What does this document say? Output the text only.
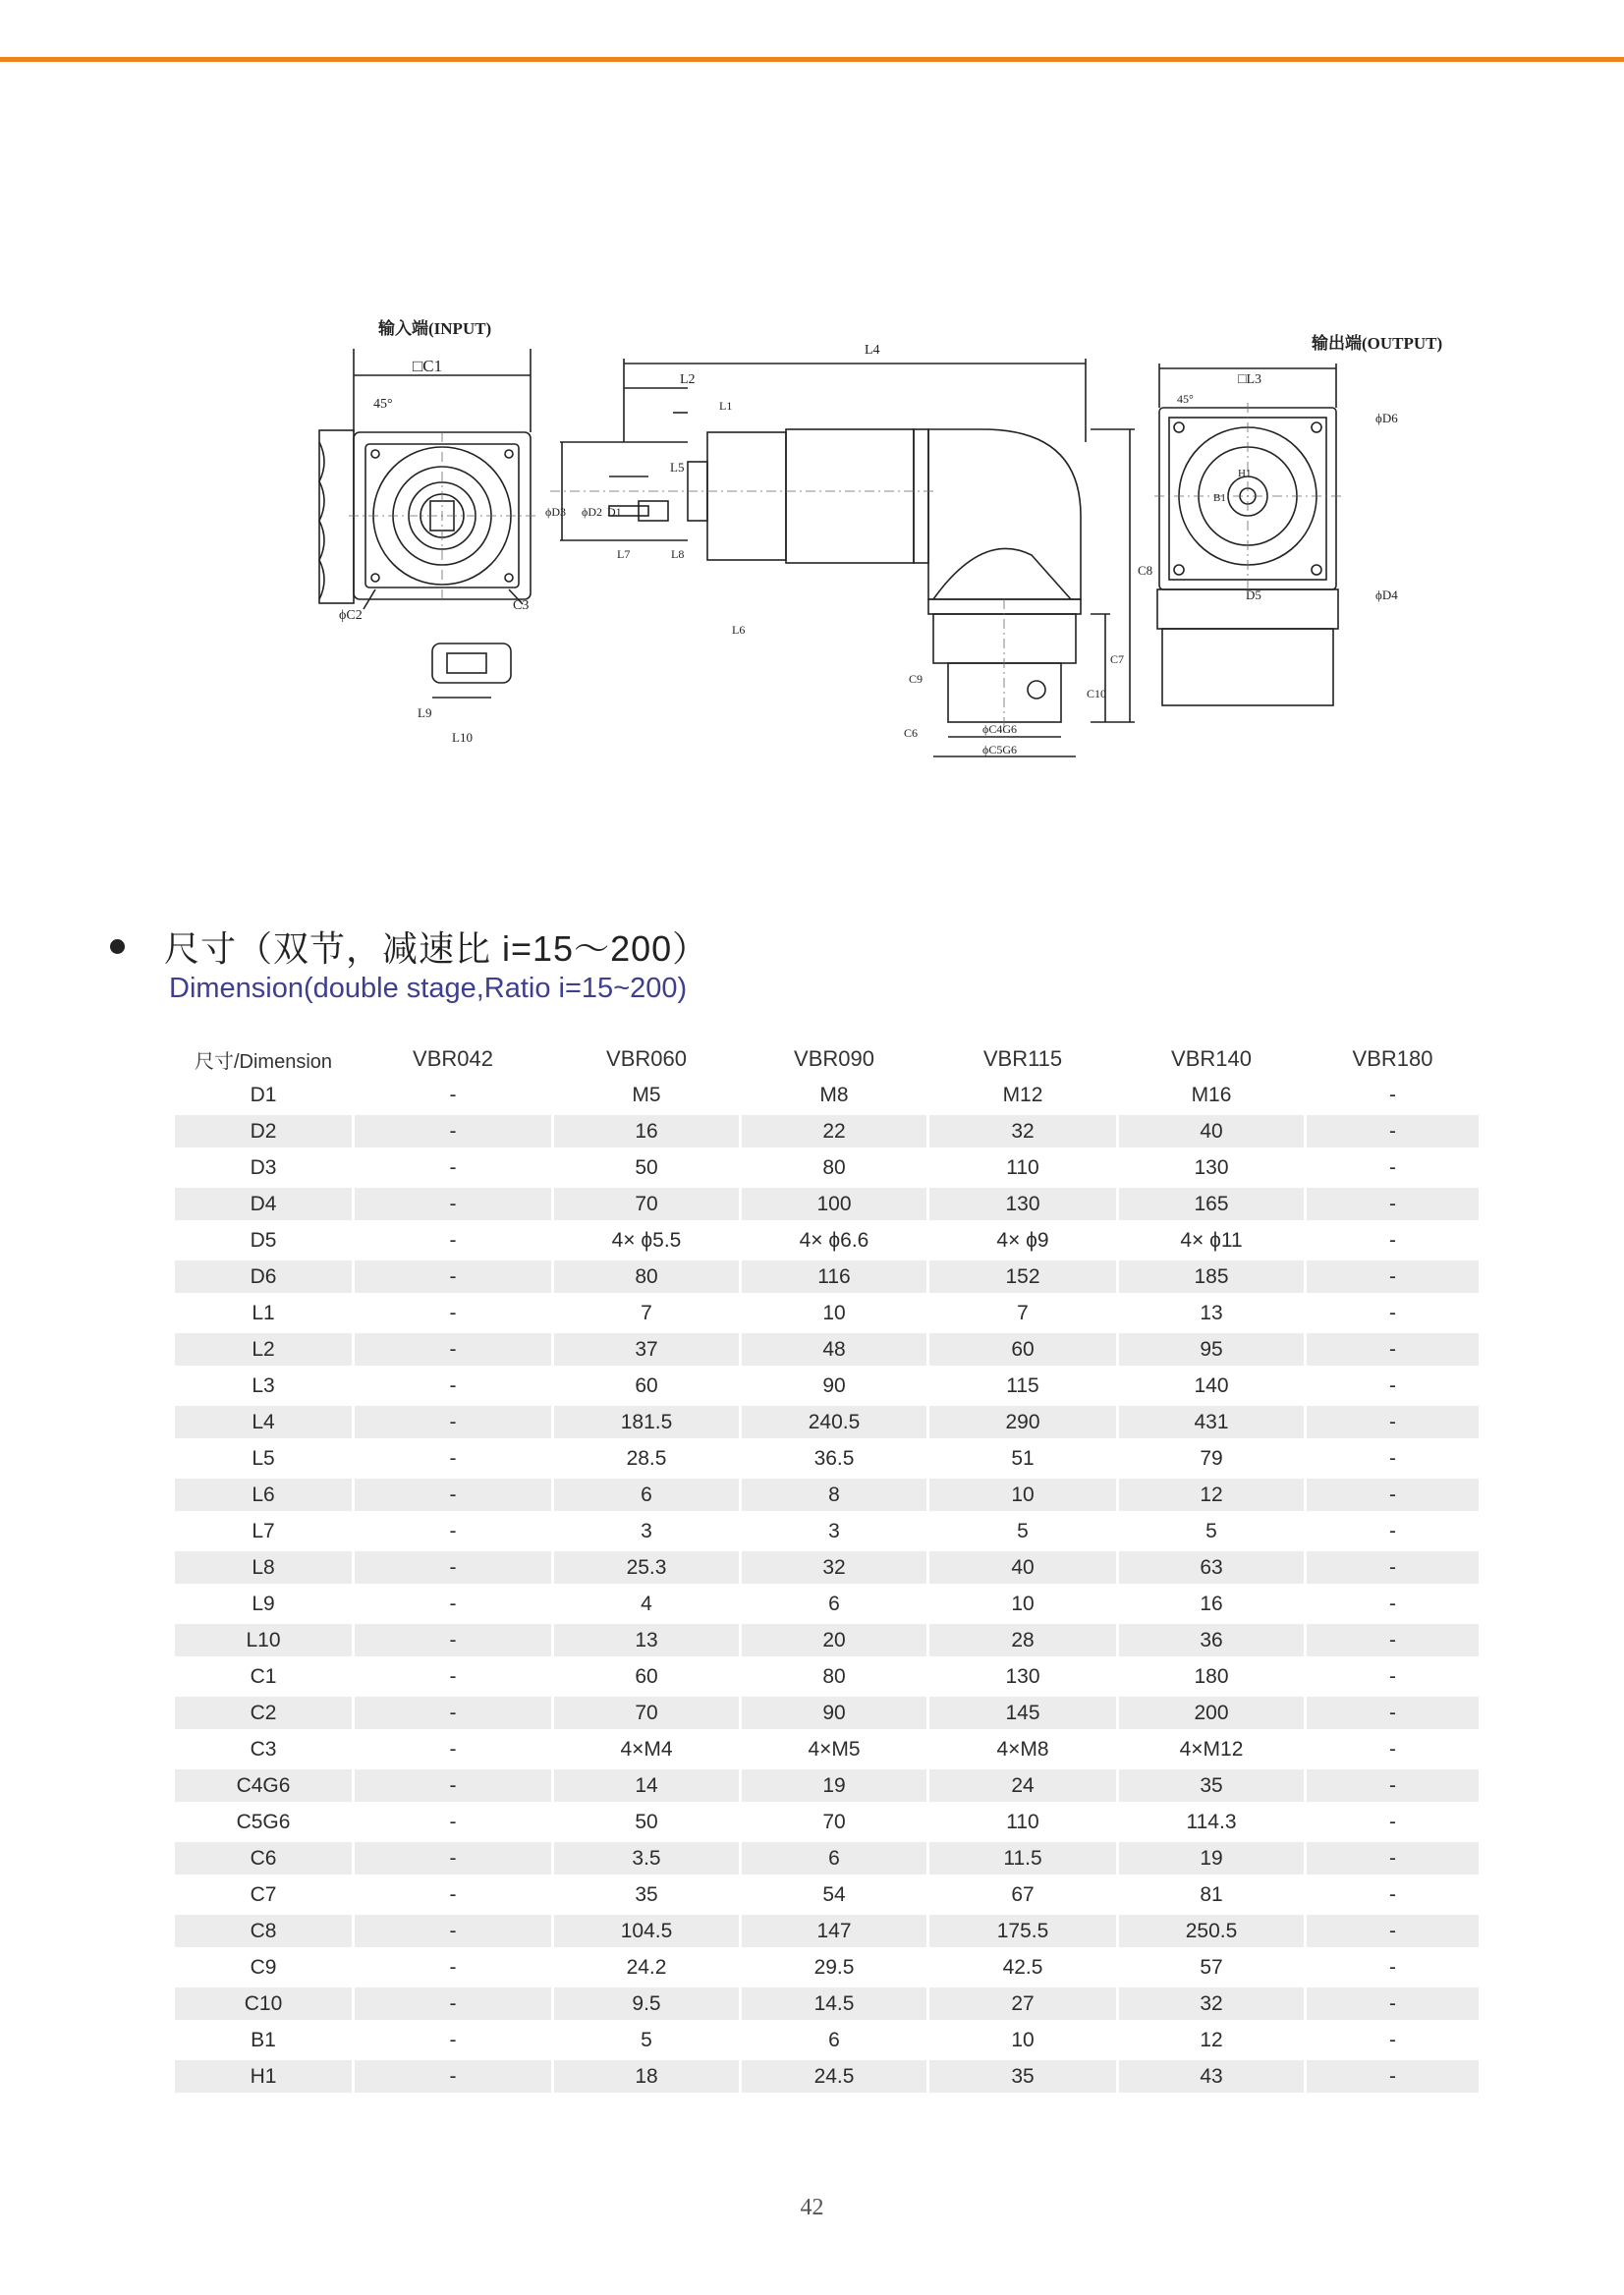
输入端(INPUT)
□C1
45°
ϕC2
C3
L4
L2
L1
L5
L7	L8
L6
ϕD3 ϕD2 D1
L9
L10
ϕC4G6
ϕC5G6
C9
C6
C8
C7
C10
输出端(OUTPUT)
□L3
45°
ϕD6
ϕD4
D5
H1
B1
尺寸（双节，减速比 i=15～200）
Dimension(double stage,Ratio i=15~200)
尺寸/Dimension	VBR042	VBR060	VBR090	VBR115	VBR140	VBR180
D1	-	M5	M8	M12	M16	-
D2	-	16	22	32	40	-
D3	-	50	80	110	130	-
D4	-	70	100	130	165	-
D5	-	4× ϕ5.5	4× ϕ6.6	4× ϕ9	4× ϕ11	-
D6	-	80	116	152	185	-
L1	-	7	10	7	13	-
L2	-	37	48	60	95	-
L3	-	60	90	115	140	-
L4	-	181.5	240.5	290	431	-
L5	-	28.5	36.5	51	79	-
L6	-	6	8	10	12	-
L7	-	3	3	5	5	-
L8	-	25.3	32	40	63	-
L9	-	4	6	10	16	-
L10	-	13	20	28	36	-
C1	-	60	80	130	180	-
C2	-	70	90	145	200	-
C3	-	4×M4	4×M5	4×M8	4×M12	-
C4G6	-	14	19	24	35	-
C5G6	-	50	70	110	114.3	-
C6	-	3.5	6	11.5	19	-
C7	-	35	54	67	81	-
C8	-	104.5	147	175.5	250.5	-
C9	-	24.2	29.5	42.5	57	-
C10	-	9.5	14.5	27	32	-
B1	-	5	6	10	12	-
H1	-	18	24.5	35	43	-
42
